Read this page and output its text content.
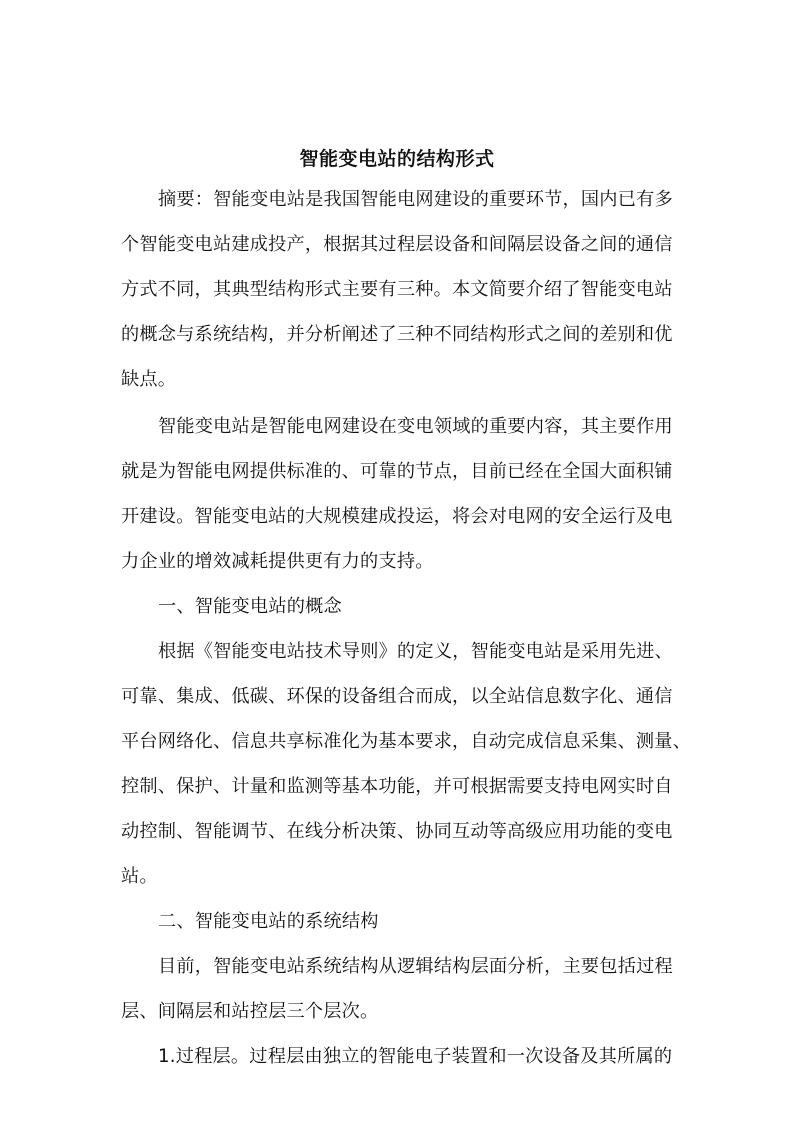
智能变电站的结构形式
摘要：智能变电站是我国智能电网建设的重要环节，国内已有多
个智能变电站建成投产，根据其过程层设备和间隔层设备之间的通信
方式不同，其典型结构形式主要有三种。本文简要介绍了智能变电站
的概念与系统结构，并分析阐述了三种不同结构形式之间的差别和优
缺点。
智能变电站是智能电网建设在变电领域的重要内容，其主要作用
就是为智能电网提供标准的、可靠的节点，目前已经在全国大面积铺
开建设。智能变电站的大规模建成投运，将会对电网的安全运行及电
力企业的增效减耗提供更有力的支持。
一、智能变电站的概念
根据《智能变电站技术导则》的定义，智能变电站是采用先进、
可靠、集成、低碳、环保的设备组合而成，以全站信息数字化、通信
平台网络化、信息共享标准化为基本要求，自动完成信息采集、测量、
控制、保护、计量和监测等基本功能，并可根据需要支持电网实时自
动控制、智能调节、在线分析决策、协同互动等高级应用功能的变电
站。
二、智能变电站的系统结构
目前，智能变电站系统结构从逻辑结构层面分析，主要包括过程
层、间隔层和站控层三个层次。
1.过程层。过程层由独立的智能电子装置和一次设备及其所属的
